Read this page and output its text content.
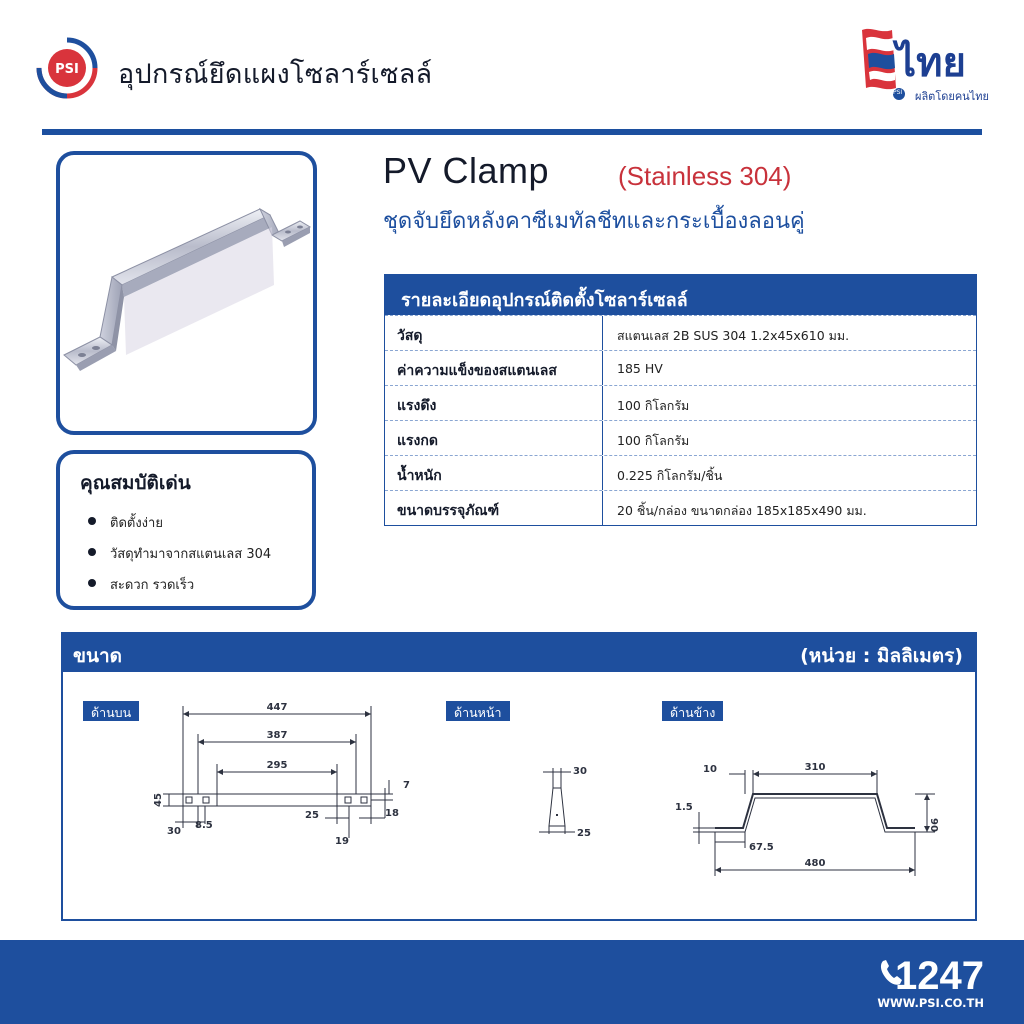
PSI อุปกรณ์ยึดแผงโซลาร์เซลล์	ไทย
PSI ผลิตโดยคนไทย
PV Clamp	(Stainless 304)
ชุดจับยึดหลังคาซีเมทัลชีทและกระเบื้องลอนคู่
รายละเอียดอุปกรณ์ติดตั้งโซลาร์เซลล์
วัสดุ	สแตนเลส 2B SUS 304 1.2x45x610 มม.
ค่าความแข็งของสแตนเลส	185 HV
แรงดึง	100 กิโลกรัม
แรงกด	100 กิโลกรัม
น้ำหนัก	0.225 กิโลกรัม/ชิ้น
ขนาดบรรจุภัณฑ์	20 ชิ้น/กล่อง ขนาดกล่อง 185x185x490 มม.
คุณสมบัติเด่น
ติดตั้งง่าย
วัสดุทำมาจากสแตนเลส 304
สะดวก รวดเร็ว
ขนาด	(หน่วย : มิลลิเมตร)
ด้านบน	ด้านหน้า	ด้านข้าง
447
387
295
45
30
8.5
25
19
18
7
30
25
10	310
1.5
67.5
90
480
1247
WWW.PSI.CO.TH
